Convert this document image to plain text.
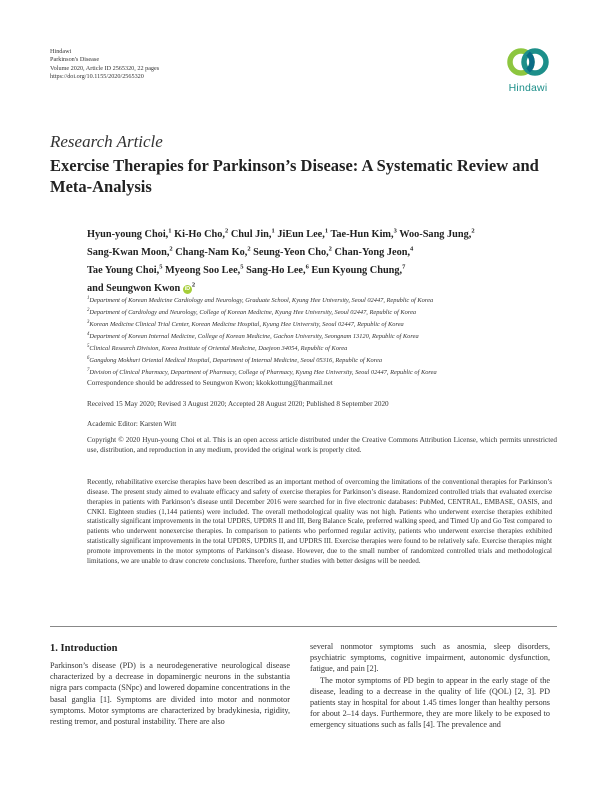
Hindawi
Parkinson's Disease
Volume 2020, Article ID 2565320, 22 pages
https://doi.org/10.1155/2020/2565320
Hindawi
Research Article
Exercise Therapies for Parkinson’s Disease: A Systematic Review and Meta-Analysis
Hyun-young Choi,$^1$ Ki-Ho Cho,$^2$ Chul Jin,$^1$ JiEun Lee,$^1$ Tae-Hun Kim,$^3$ Woo-Sang Jung,$^2$
Sang-Kwan Moon,$^2$ Chang-Nam Ko,$^2$ Seung-Yeon Cho,$^2$ Chan-Yong Jeon,$^4$
Tae Young Choi,$^5$ Myeong Soo Lee,$^5$ Sang-Ho Lee,$^6$ Eun Kyoung Chung,$^7$
and Seungwon Kwon iD $^2$
$^1$Department of Korean Medicine Cardiology and Neurology, Graduate School, Kyung Hee University, Seoul 02447, Republic of Korea
$^2$Department of Cardiology and Neurology, College of Korean Medicine, Kyung Hee University, Seoul 02447, Republic of Korea
$^3$Korean Medicine Clinical Trial Center, Korean Medicine Hospital, Kyung Hee University, Seoul 02447, Republic of Korea
$^4$Department of Korean Internal Medicine, College of Korean Medicine, Gachon University, Seongnam 13120, Republic of Korea
$^5$Clinical Research Division, Korea Institute of Oriental Medicine, Daejeon 34054, Republic of Korea
$^6$Gangdong Mokhuri Oriental Medical Hospital, Department of Internal Medicine, Seoul 05316, Republic of Korea
$^7$Division of Clinical Pharmacy, Department of Pharmacy, College of Pharmacy, Kyung Hee University, Seoul 02447, Republic of Korea
Correspondence should be addressed to Seungwon Kwon; kkokkottung@hanmail.net
Received 15 May 2020; Revised 3 August 2020; Accepted 28 August 2020; Published 8 September 2020
Academic Editor: Karsten Witt
Copyright © 2020 Hyun-young Choi et al. This is an open access article distributed under the Creative Commons Attribution License, which permits unrestricted use, distribution, and reproduction in any medium, provided the original work is properly cited.

Recently, rehabilitative exercise therapies have been described as an important method of overcoming the limitations of the conventional therapies for Parkinson’s disease. The present study aimed to evaluate efficacy and safety of exercise therapies for Parkinson’s disease. Randomized controlled trials that evaluated exercise therapies in patients with Parkinson’s disease until December 2016 were searched for in five electronic databases: PubMed, CENTRAL, EMBASE, OASIS, and CNKI. Eighteen studies (1,144 patients) were included. The overall methodological quality was not high. Patients who underwent exercise therapies exhibited statistically significant improvements in the total UPDRS, UPDRS II and III, Berg Balance Scale, preferred walking speed, and Timed Up and Go Test compared to patients who underwent nonexercise therapies. In comparison to patients who performed regular activity, patients who underwent exercise therapies exhibited statistically significant improvements in the total UPDRS, UPDRS II, and UPDRS III. Exercise therapies were found to be relatively safe. Exercise therapies might promote improvements in the motor symptoms of Parkinson’s disease. However, due to the small number of randomized controlled trials and methodological limitations, we are unable to draw concrete conclusions. Therefore, further studies with better designs will be needed.

1. Introduction

Parkinson’s disease (PD) is a neurodegenerative neurological disease characterized by a decrease in dopaminergic neurons in the substantia nigra pars compacta (SNpc) and lowered dopamine concentrations in the basal ganglia [1]. Symptoms are divided into motor and nonmotor symptoms. Motor symptoms are characterized by bradykinesia, rigidity, resting tremor, and postural instability. There are also

several nonmotor symptoms such as anosmia, sleep disorders, psychiatric symptoms, cognitive impairment, autonomic dysfunction, fatigue, and pain [2].

The motor symptoms of PD begin to appear in the early stage of the disease, leading to a decrease in the quality of life (QOL) [2, 3]. PD patients stay in hospital for about 1.45 times longer than healthy persons for about 2–14 days. Furthermore, they are more likely to be exposed to emergency situations such as falls [4]. The prevalence and
